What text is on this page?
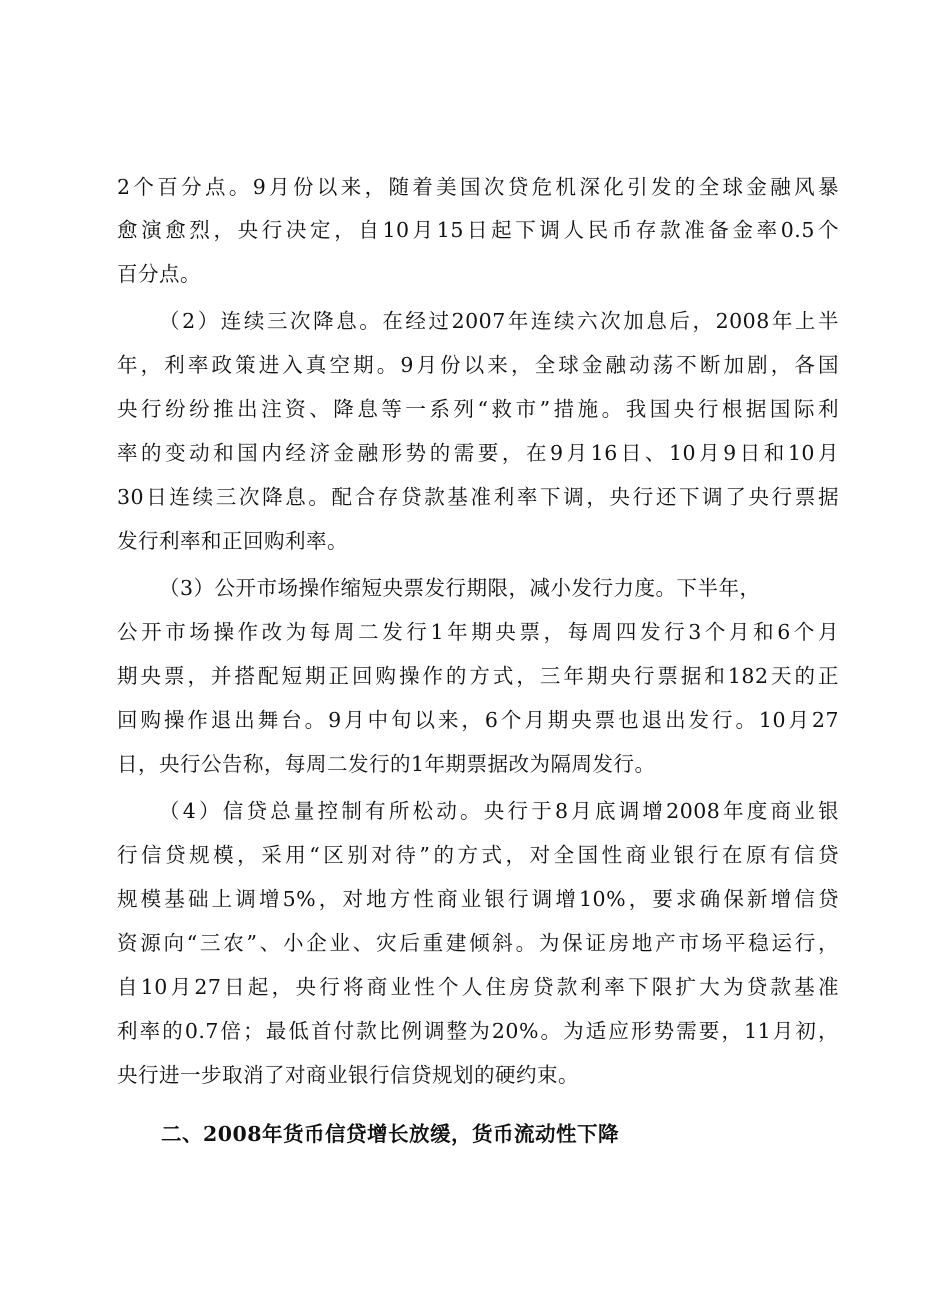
2个百分点。9月份以来，随着美国次贷危机深化引发的全球金融风暴
愈演愈烈，央行决定，自10月15日起下调人民币存款准备金率0.5个
百分点。
（2）连续三次降息。在经过2007年连续六次加息后，2008年上半
年，利率政策进入真空期。9月份以来，全球金融动荡不断加剧，各国
央行纷纷推出注资、降息等一系列“救市”措施。我国央行根据国际利
率的变动和国内经济金融形势的需要，在9月16日、10月9日和10月
30日连续三次降息。配合存贷款基准利率下调，央行还下调了央行票据
发行利率和正回购利率。
（3）公开市场操作缩短央票发行期限，减小发行力度。下半年，
公开市场操作改为每周二发行1年期央票，每周四发行3个月和6个月
期央票，并搭配短期正回购操作的方式，三年期央行票据和182天的正
回购操作退出舞台。9月中旬以来，6个月期央票也退出发行。10月27
日，央行公告称，每周二发行的1年期票据改为隔周发行。
（4）信贷总量控制有所松动。央行于8月底调增2008年度商业银
行信贷规模，采用“区别对待”的方式，对全国性商业银行在原有信贷
规模基础上调增5%，对地方性商业银行调增10%，要求确保新增信贷
资源向“三农”、小企业、灾后重建倾斜。为保证房地产市场平稳运行，
自10月27日起，央行将商业性个人住房贷款利率下限扩大为贷款基准
利率的0.7倍；最低首付款比例调整为20%。为适应形势需要，11月初，
央行进一步取消了对商业银行信贷规划的硬约束。
二、2008年货币信贷增长放缓，货币流动性下降
